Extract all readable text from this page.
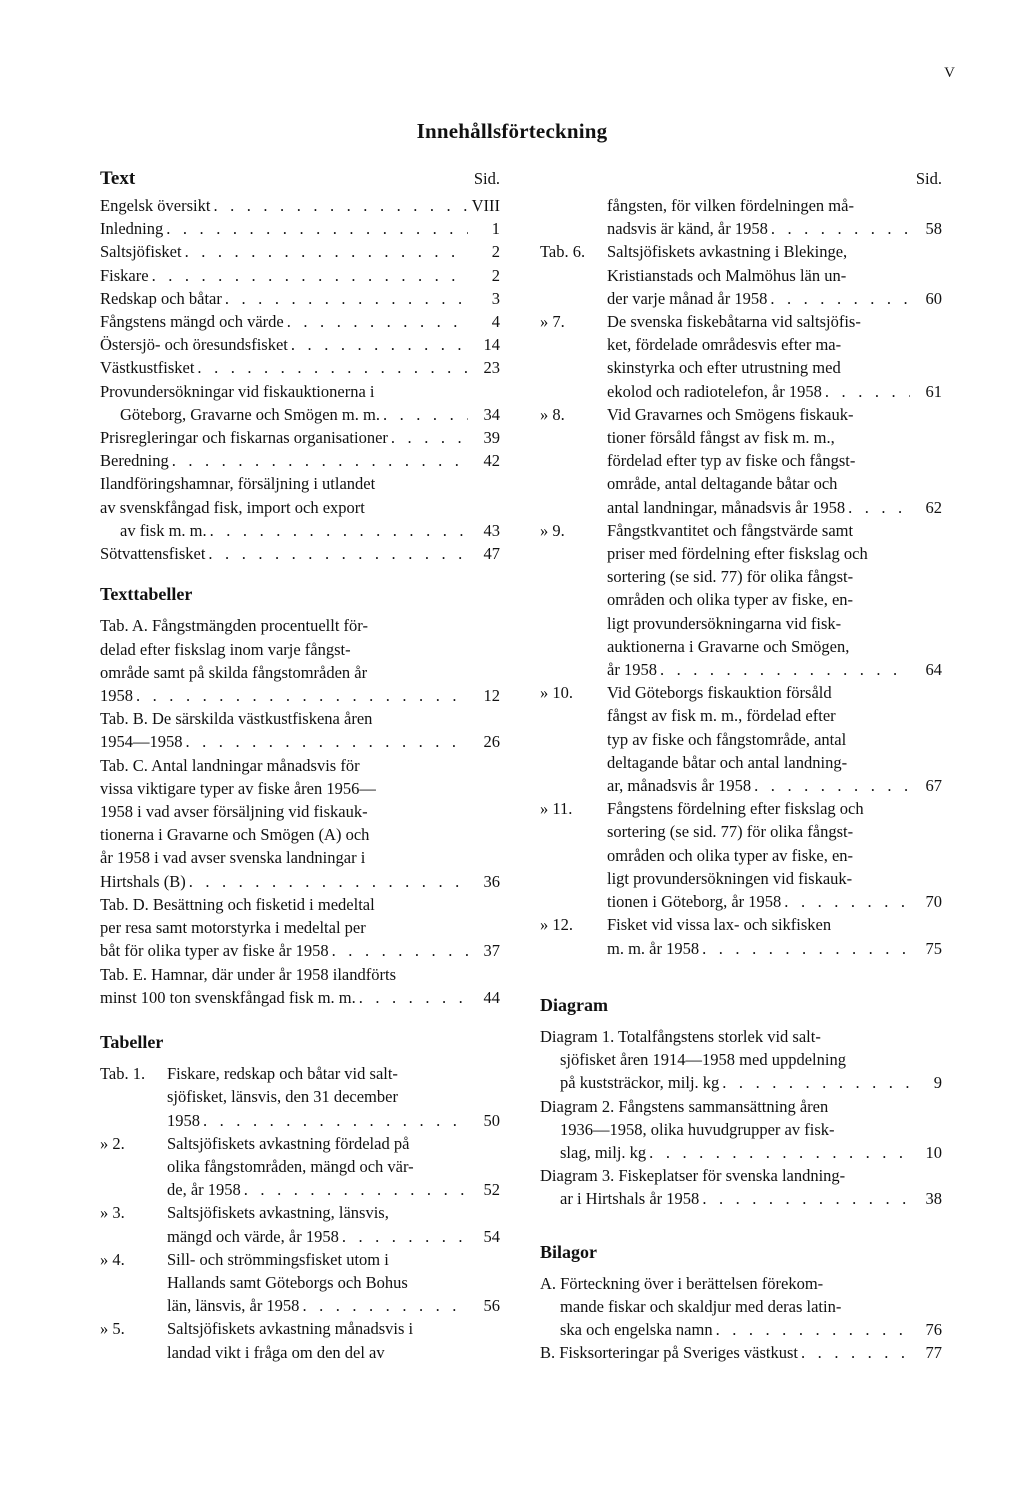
V
Innehållsförteckning
Text	Sid.
Engelsk översikt . . .	VIII
Inledning . . .	1
Saltsjöfisket . . .	2
Fiskare . . .	2
Redskap och båtar . . .	3
Fångstens mängd och värde . . .	4
Östersjö- och öresundsfisket . . .	14
Västkustfisket . . .	23
Provundersökningar vid fiskauktionerna i
Göteborg, Gravarne och Smögen m. m. . . .	34
Prisregleringar och fiskarnas organisationer . . .	39
Beredning . . .	42
Ilandföringshamnar, försäljning i utlandet
av svenskfångad fisk, import och export
av fisk m. m. . . .	43
Sötvattensfisket . . .	47
Texttabeller
Tab. A. Fångstmängden procentuellt för-
delad efter fiskslag inom varje fångst-
område samt på skilda fångstområden år
1958 . . .	12
Tab. B. De särskilda västkustfiskena åren
1954—1958 . . .	26
Tab. C. Antal landningar månadsvis för
vissa viktigare typer av fiske åren 1956—
1958 i vad avser försäljning vid fiskauk-
tionerna i Gravarne och Smögen (A) och
år 1958 i vad avser svenska landningar i
Hirtshals (B) . . .	36
Tab. D. Besättning och fisketid i medeltal
per resa samt motorstyrka i medeltal per
båt för olika typer av fiske år 1958 . . .	37
Tab. E. Hamnar, där under år 1958 ilandförts
minst 100 ton svenskfångad fisk m. m. . . .	44
Tabeller
Tab. 1. Fiskare, redskap och båtar vid salt-
sjöfisket, länsvis, den 31 december
1958 . . .	50
» 2.	Saltsjöfiskets avkastning fördelad på
olika fångstområden, mängd och vär-
de, år 1958 . . .	52
» 3.	Saltsjöfiskets avkastning, länsvis,
mängd och värde, år 1958 . . .	54
» 4.	Sill- och strömmingsfisket utom i
Hallands samt Göteborgs och Bohus
län, länsvis, år 1958 . . .	56
» 5.	Saltsjöfiskets avkastning månadsvis i
landad vikt i fråga om den del av
Sid.
fångsten, för vilken fördelningen må-
nadsvis är känd, år 1958 . . .	58
Tab. 6. Saltsjöfiskets avkastning i Blekinge,
Kristianstads och Malmöhus län un-
der varje månad år 1958 . . .	60
» 7.	De svenska fiskebåtarna vid saltsjöfis-
ket, fördelade områdesvis efter ma-
skinstyrka och efter utrustning med
ekolod och radiotelefon, år 1958 . . .	61
» 8.	Vid Gravarnes och Smögens fiskauk-
tioner försåld fångst av fisk m. m.,
fördelad efter typ av fiske och fångst-
område, antal deltagande båtar och
antal landningar, månadsvis år 1958 . . .	62
» 9.	Fångstkvantitet och fångstvärde samt
priser med fördelning efter fiskslag och
sortering (se sid. 77) för olika fångst-
områden och olika typer av fiske, en-
ligt provundersökningarna vid fisk-
auktionerna i Gravarne och Smögen,
år 1958 . . .	64
» 10. Vid Göteborgs fiskauktion försåld
fångst av fisk m. m., fördelad efter
typ av fiske och fångstområde, antal
deltagande båtar och antal landning-
ar, månadsvis år 1958 . . .	67
» 11. Fångstens fördelning efter fiskslag och
sortering (se sid. 77) för olika fångst-
områden och olika typer av fiske, en-
ligt provundersökningen vid fiskauk-
tionen i Göteborg, år 1958 . . .	70
» 12. Fisket vid vissa lax- och sikfisken
m. m. år 1958 . . .	75
Diagram
Diagram 1. Totalfångstens storlek vid salt-
sjöfisket åren 1914—1958 med uppdelning
på kuststräckor, milj. kg . . .	9
Diagram 2. Fångstens sammansättning åren
1936—1958, olika huvudgrupper av fisk-
slag, milj. kg . . .	10
Diagram 3. Fiskeplatser för svenska landning-
ar i Hirtshals år 1958 . . .	38
Bilagor
A. Förteckning över i berättelsen förekom-
mande fiskar och skaldjur med deras latin-
ska och engelska namn . . .	76
B. Fisksorteringar på Sveriges västkust . . .	77
